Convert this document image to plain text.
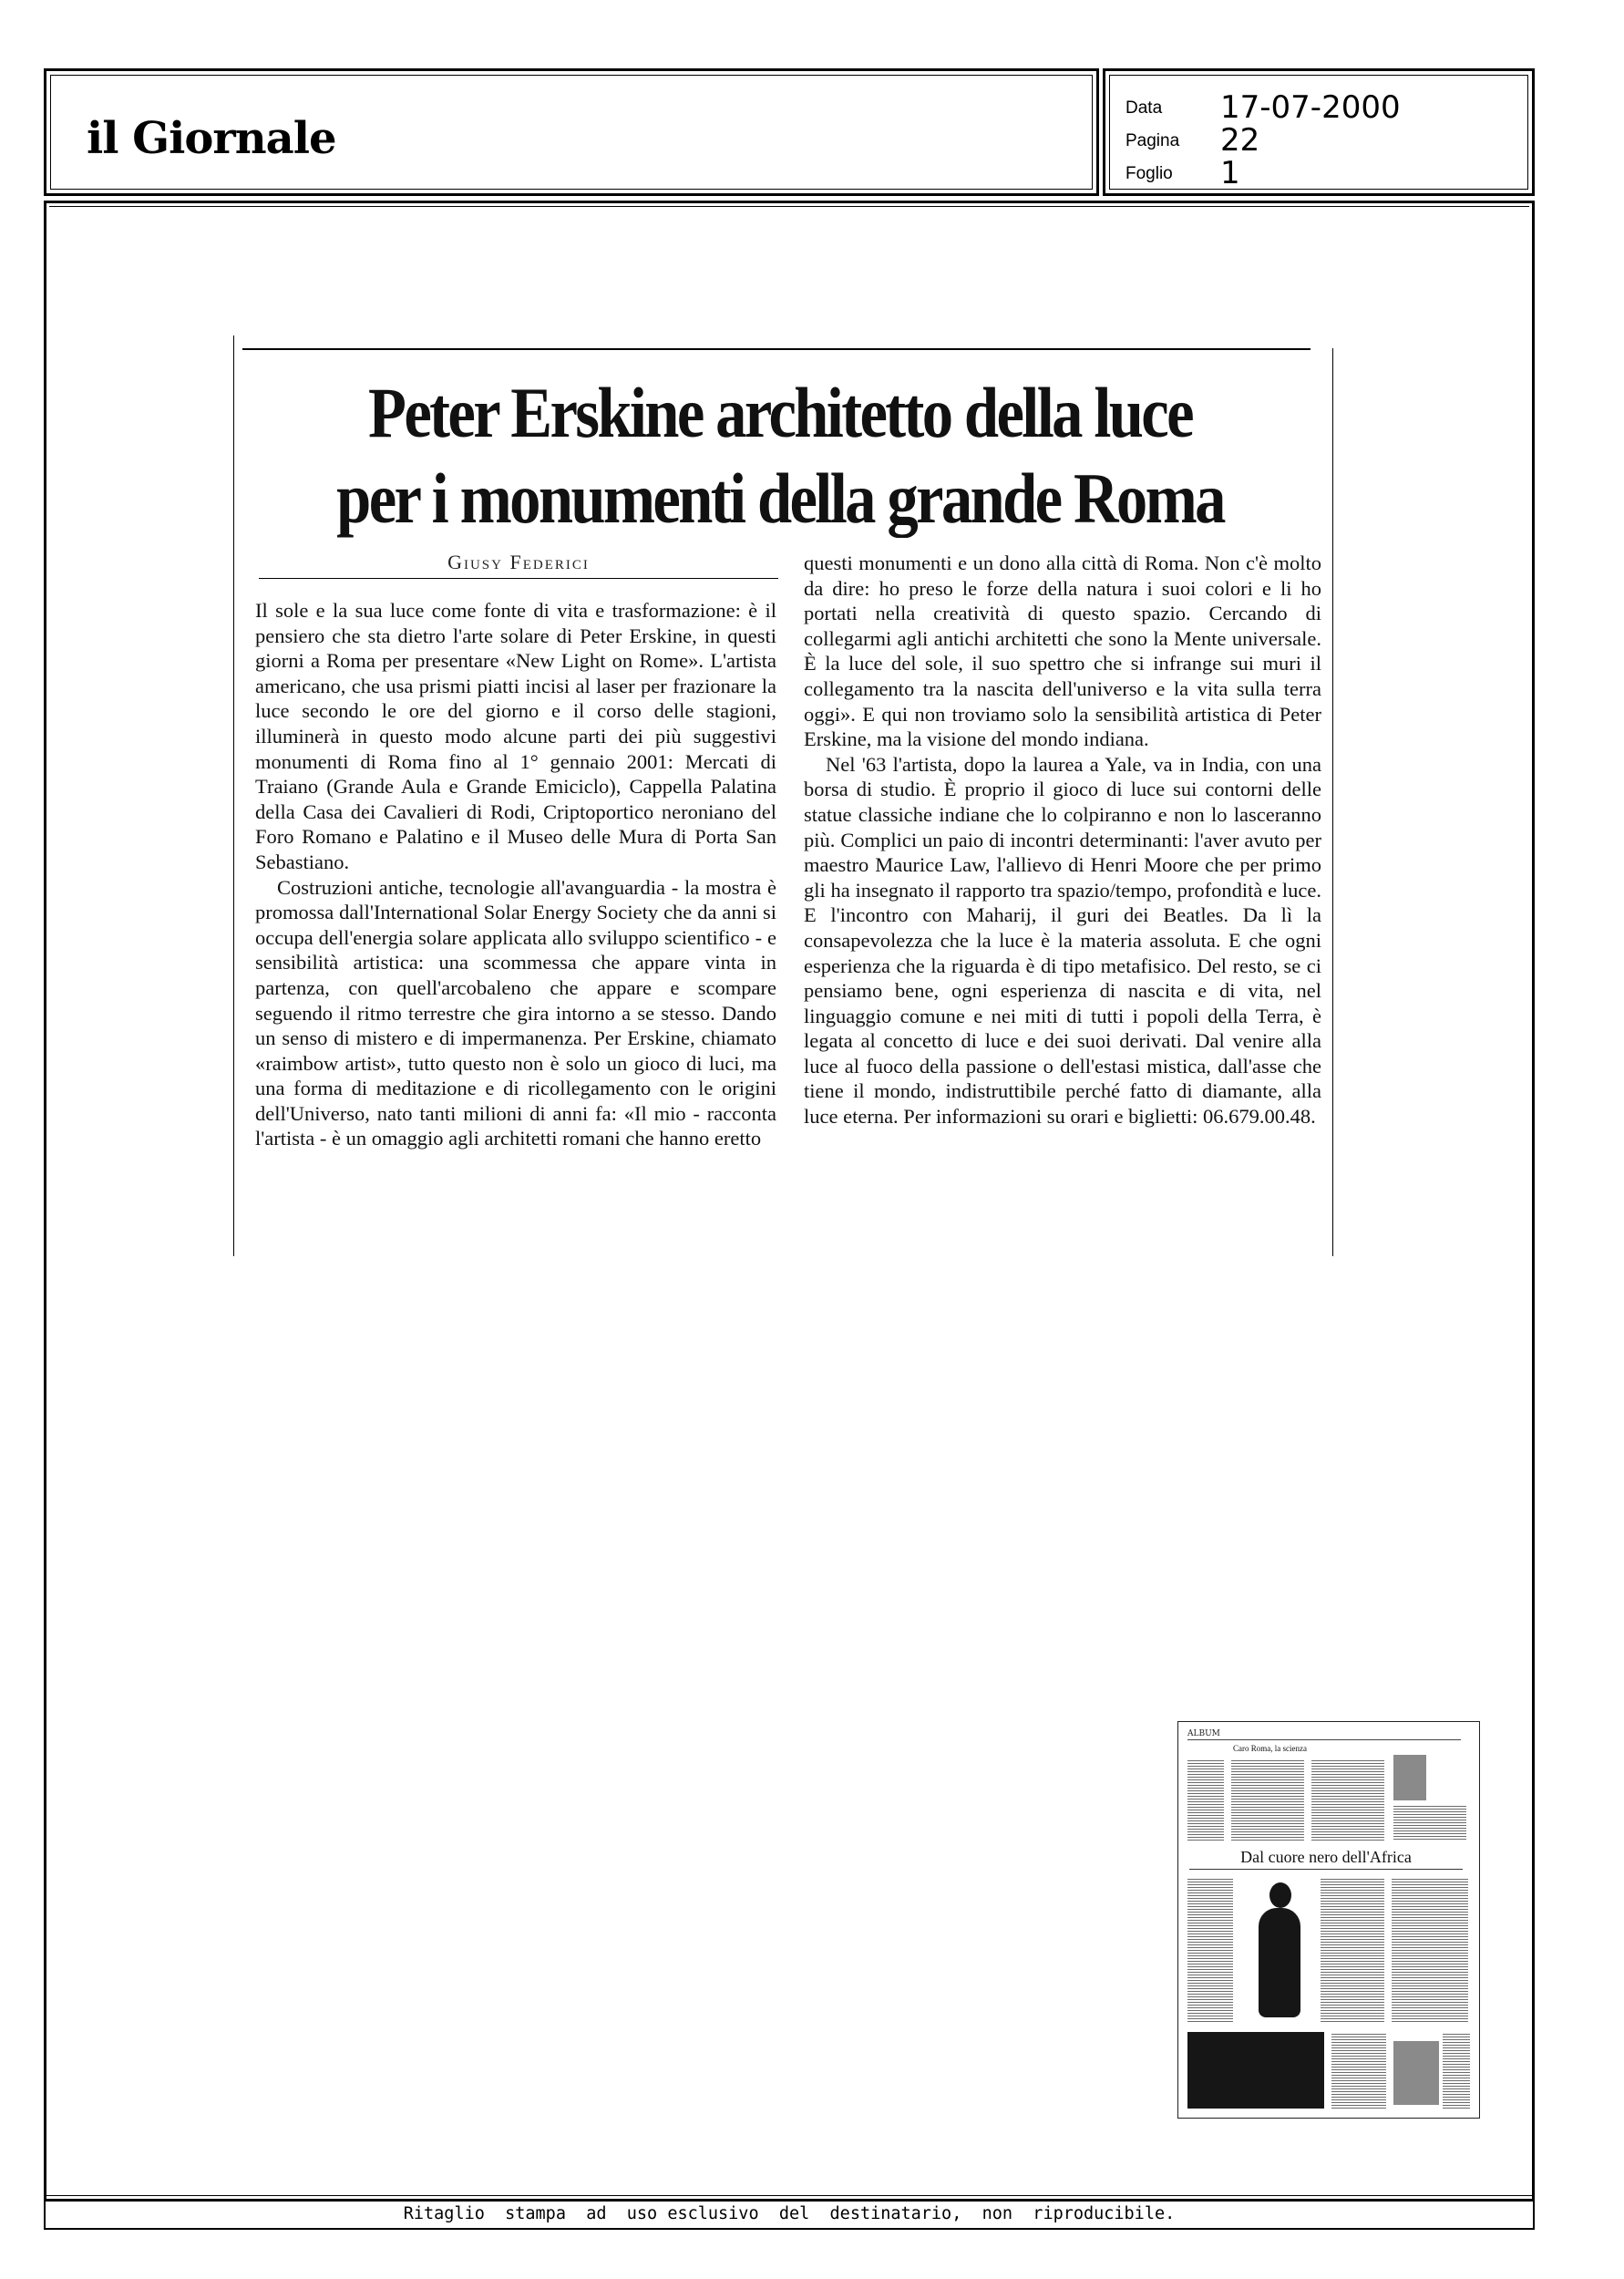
il Giornale
Data 17-07-2000
Pagina 22
Foglio 1
Peter Erskine architetto della luce
per i monumenti della grande Roma
Giusy Federici

Il sole e la sua luce come fonte di vita e trasformazione: è il pensiero che sta dietro l'arte solare di Peter Erskine, in questi giorni a Roma per presentare «New Light on Rome». L'artista americano, che usa prismi piatti incisi al laser per frazionare la luce secondo le ore del giorno e il corso delle stagioni, illuminerà in questo modo alcune parti dei più suggestivi monumenti di Roma fino al 1° gennaio 2001: Mercati di Traiano (Grande Aula e Grande Emiciclo), Cappella Palatina della Casa dei Cavalieri di Rodi, Criptoportico neroniano del Foro Romano e Palatino e il Museo delle Mura di Porta San Sebastiano.

Costruzioni antiche, tecnologie all'avanguardia - la mostra è promossa dall'International Solar Energy Society che da anni si occupa dell'energia solare applicata allo sviluppo scientifico - e sensibilità artistica: una scommessa che appare vinta in partenza, con quell'arcobaleno che appare e scompare seguendo il ritmo terrestre che gira intorno a se stesso. Dando un senso di mistero e di impermanenza. Per Erskine, chiamato «raimbow artist», tutto questo non è solo un gioco di luci, ma una forma di meditazione e di ricollegamento con le origini dell'Universo, nato tanti milioni di anni fa: «Il mio - racconta l'artista - è un omaggio agli architetti romani che hanno eretto

questi monumenti e un dono alla città di Roma. Non c'è molto da dire: ho preso le forze della natura i suoi colori e li ho portati nella creatività di questo spazio. Cercando di collegarmi agli antichi architetti che sono la Mente universale. È la luce del sole, il suo spettro che si infrange sui muri il collegamento tra la nascita dell'universo e la vita sulla terra oggi». E qui non troviamo solo la sensibilità artistica di Peter Erskine, ma la visione del mondo indiana.

Nel '63 l'artista, dopo la laurea a Yale, va in India, con una borsa di studio. È proprio il gioco di luce sui contorni delle statue classiche indiane che lo colpiranno e non lo lasceranno più. Complici un paio di incontri determinanti: l'aver avuto per maestro Maurice Law, l'allievo di Henri Moore che per primo gli ha insegnato il rapporto tra spazio/tempo, profondità e luce. E l'incontro con Maharij, il guri dei Beatles. Da lì la consapevolezza che la luce è la materia assoluta. E che ogni esperienza che la riguarda è di tipo metafisico. Del resto, se ci pensiamo bene, ogni esperienza di nascita e di vita, nel linguaggio comune e nei miti di tutti i popoli della Terra, è legata al concetto di luce e dei suoi derivati. Dal venire alla luce al fuoco della passione o dell'estasi mistica, dall'asse che tiene il mondo, indistruttibile perché fatto di diamante, alla luce eterna. Per informazioni su orari e biglietti: 06.679.00.48.

ALBUM
Caro Roma, la scienza
Dal cuore nero dell'Africa
Ritaglio  stampa  ad  uso esclusivo  del  destinatario,  non  riproducibile.
